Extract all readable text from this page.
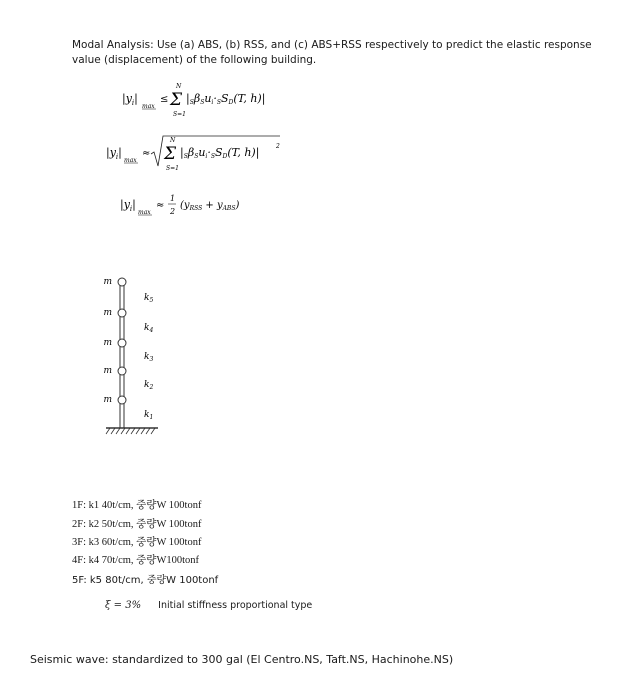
Modal Analysis: Use (a) ABS, (b) RSS, and (c) ABS+RSS respectively to predict the elastic response value (displacement) of the following building.
$|y_i|$
max
≤
N
Σ
S=1
|SβSui·SSD(T, h)|
$|y_i|$
max
≈
N
Σ
S=1
|SβSui·SSD(T, h)|	2
$|y_i|$
max
≈
1
2
$(y_{RSS} + y_{ABS})$
m
m
m
m
m
$k_5$
$k_4$
$k_3$
$k_2$
$k_1$
1F: k1 40t/cm, 중량W 100tonf
2F: k2 50t/cm, 중량W 100tonf
3F: k3 60t/cm, 중량W 100tonf
4F: k4 70t/cm, 중량W100tonf
5F: k5 80t/cm, 중량W 100tonf
ξ = 3% Initial stiffness proportional type
Seismic wave: standardized to 300 gal (El Centro.NS, Taft.NS, Hachinohe.NS)
